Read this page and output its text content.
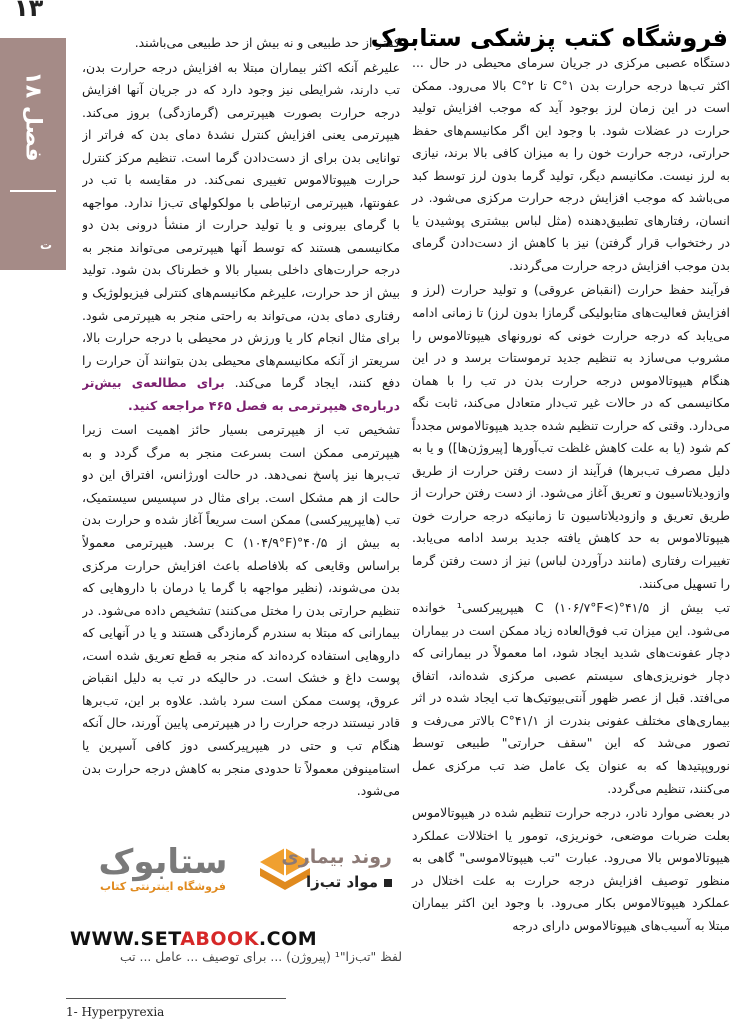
۱۳
فصل ۱۸
ت
فروشگاه کتب پزشکی ستابوک

دستگاه عصبی مرکزی در جریان سرمای محیطی در حال ... اکثر تب‌ها درجه حرارت بدن ۱°C تا ۲°C بالا می‌رود. ممکن است در این زمان لرز بوجود آید که موجب افزایش تولید حرارت در عضلات شود. با وجود این اگر مکانیسم‌های حفظ حرارتی، درجه حرارت خون را به میزان کافی بالا برند، نیازی به لرز نیست. مکانیسم دیگر، تولید گرما بدون لرز توسط کبد می‌باشد که موجب افزایش درجه حرارت مرکزی می‌شود. در انسان، رفتارهای تطبیق‌دهنده (مثل لباس بیشتری پوشیدن یا در رختخواب قرار گرفتن) نیز با کاهش از دست‌دادن گرمای بدن موجب افزایش درجه حرارت می‌گردند.

فرآیند حفظ حرارت (انقباض عروقی) و تولید حرارت (لرز و افزایش فعالیت‌های متابولیکی گرمازا بدون لرز) تا زمانی ادامه می‌یابد که درجه حرارت خونی که نورونهای هیپوتالاموس را مشروب می‌سازد به تنظیم جدید ترموستات برسد و در این هنگام هیپوتالاموس درجه حرارت بدن در تب را با همان مکانیسمی که در حالات غیر تب‌دار متعادل می‌کند، ثابت نگه می‌دارد. وقتی که حرارت تنظیم شده جدید هیپوتالاموس مجدداً کم شود (یا به علت کاهش غلظت تب‌آورها [پیروژن‌ها]) و یا به دلیل مصرف تب‌برها) فرآیند از دست رفتن حرارت از طریق وازودیلاتاسیون و تعریق آغاز می‌شود. از دست رفتن حرارت از طریق تعریق و وازودیلاتاسیون تا زمانیکه درجه حرارت خون هیپوتالاموس به حد کاهش یافته جدید برسد ادامه می‌یابد. تغییرات رفتاری (مانند درآوردن لباس) نیز از دست رفتن گرما را تسهیل می‌کنند.

تب بیش از ۴۱/۵°C (۱۰۶/۷°F<) هیپرپیرکسی¹ خوانده می‌شود. این میزان تب فوق‌العاده زیاد ممکن است در بیماران دچار عفونت‌های شدید ایجاد شود، اما معمولاً در بیمارانی که دچار خونریزی‌های سیستم عصبی مرکزی شده‌اند، اتفاق می‌افتد. قبل از عصر ظهور آنتی‌بیوتیک‌ها تب ایجاد شده در اثر بیماری‌های مختلف عفونی بندرت از ۴۱/۱°C بالاتر می‌رفت و تصور می‌شد که این "سقف حرارتی" طبیعی توسط نوروپپتیدها که به عنوان یک عامل ضد تب مرکزی عمل می‌کنند، تنظیم می‌گردد.

در بعضی موارد نادر، درجه حرارت تنظیم شده در هیپوتالاموس بعلت ضربات موضعی، خونریزی، تومور یا اختلالات عملکرد هیپوتالاموس بالا می‌رود. عبارت "تب هیپوتالاموسی" گاهی به منظور توصیف افزایش درجه حرارت به علت اختلال در عملکرد هیپوتالاموس بکار می‌رود. با وجود این اکثر بیماران مبتلا به آسیب‌های هیپوتالاموس دارای درجه

کمتر از حد طبیعی و نه بیش از حد طبیعی می‌باشند.

علیرغم آنکه اکثر بیماران مبتلا به افزایش درجه حرارت بدن، تب دارند، شرایطی نیز وجود دارد که در جریان آنها افزایش درجه حرارت بصورت هیپرترمی (گرمازدگی) بروز می‌کند. هیپرترمی یعنی افزایش کنترل نشدهٔ دمای بدن که فراتر از توانایی بدن برای از دست‌دادن گرما است. تنظیم مرکز کنترل حرارت هیپوتالاموس تغییری نمی‌کند. در مقایسه با تب در عفونتها، هیپرترمی ارتباطی با مولکولهای تب‌زا ندارد. مواجهه با گرمای بیرونی و یا تولید حرارت از منشأ درونی بدن دو مکانیسمی هستند که توسط آنها هیپرترمی می‌تواند منجر به درجه حرارت‌های داخلی بسیار بالا و خطرناک بدن شود. تولید بیش از حد حرارت، علیرغم مکانیسم‌های کنترلی فیزیولوژیک و رفتاری دمای بدن، می‌تواند به راحتی منجر به هیپرترمی شود. برای مثال انجام کار یا ورزش در محیطی با درجه حرارت بالا، سریعتر از آنکه مکانیسم‌های محیطی بدن بتوانند آن حرارت را دفع کنند، ایجاد گرما می‌کند. برای مطالعه‌ی بیش‌تر درباره‌ی هیپرترمی به فصل ۴۶۵ مراجعه کنید.

تشخیص تب از هیپرترمی بسیار حائز اهمیت است زیرا هیپرترمی ممکن است بسرعت منجر به مرگ گردد و به تب‌برها نیز پاسخ نمی‌دهد. در حالت اورژانس، افتراق این دو حالت از هم مشکل است. برای مثال در سپسیس سیستمیک، تب (هایپرپیرکسی) ممکن است سریعاً آغاز شده و حرارت بدن به بیش از ۴۰/۵°C (۱۰۴/۹°F) برسد. هیپرترمی معمولاً براساس وقایعی که بلافاصله باعث افزایش حرارت مرکزی بدن می‌شوند، (نظیر مواجهه با گرما یا درمان با داروهایی که تنظیم حرارتی بدن را مختل می‌کنند) تشخیص داده می‌شود. در بیمارانی که مبتلا به سندرم گرمازدگی هستند و یا در آنهایی که داروهایی استفاده کرده‌اند که منجر به قطع تعریق شده است، پوست داغ و خشک است. در حالیکه در تب به دلیل انقباض عروق، پوست ممکن است سرد باشد. علاوه بر این، تب‌برها قادر نیستند درجه حرارت را در هیپرترمی پایین آورند، حال آنکه هنگام تب و حتی در هیپرپیرکسی دوز کافی آسپرین یا استامینوفن معمولاً تا حدودی منجر به کاهش درجه حرارت بدن می‌شود.

ستابوک
فروشگاه اینترنتی کتاب
روند بیماری
مواد تب‌زا
لفظ "تب‌زا"¹ (پیروژن) ... برای توصیف ... عامل ... تب
WWW.SETABOOK.COM
1- Hyperpyrexia
